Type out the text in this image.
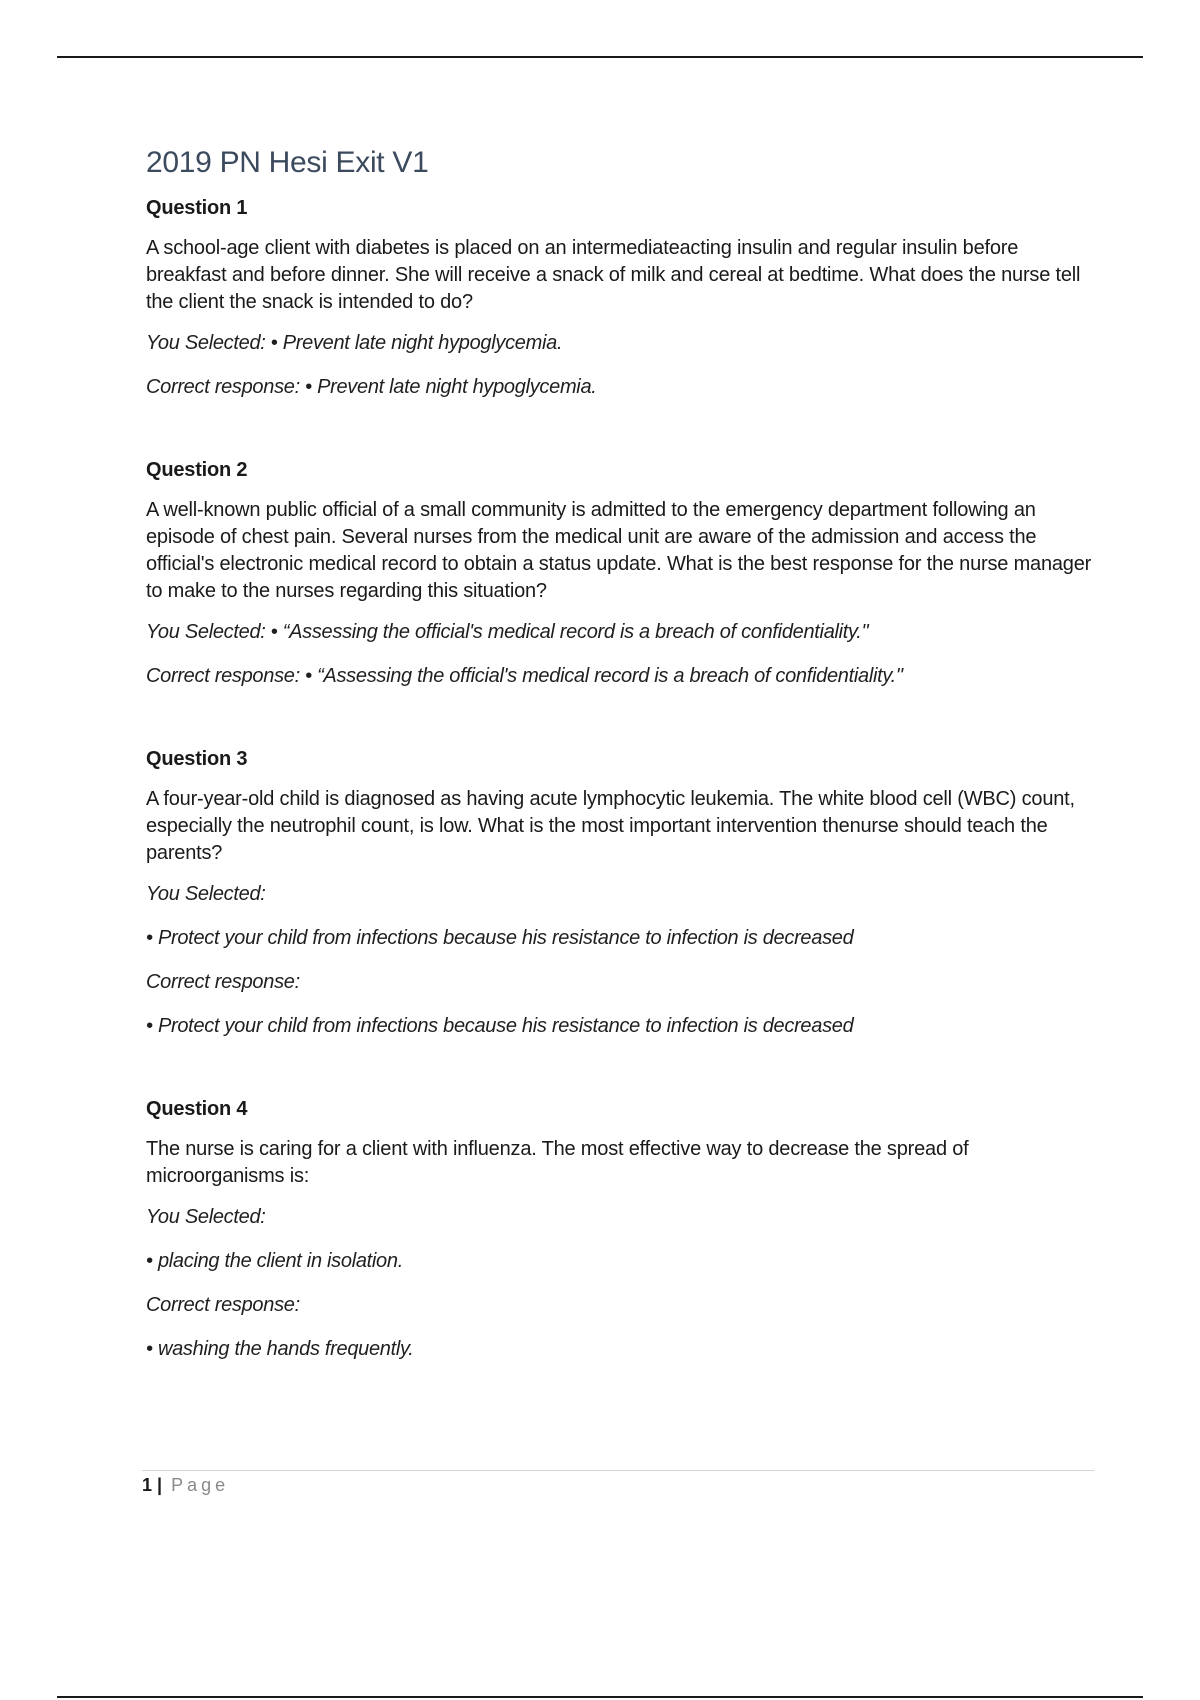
2019 PN Hesi Exit V1
Question 1
A school-age client with diabetes is placed on an intermediateacting insulin and regular insulin before breakfast and before dinner. She will receive a snack of milk and cereal at bedtime. What does the nurse tell the client the snack is intended to do?
You Selected: • Prevent late night hypoglycemia.
Correct response: • Prevent late night hypoglycemia.
Question 2
A well-known public official of a small community is admitted to the emergency department following an episode of chest pain. Several nurses from the medical unit are aware of the admission and access the official's electronic medical record to obtain a status update. What is the best response for the nurse manager to make to the nurses regarding this situation?
You Selected: • “Assessing the official's medical record is a breach of confidentiality."
Correct response: • “Assessing the official's medical record is a breach of confidentiality."
Question 3
A four-year-old child is diagnosed as having acute lymphocytic leukemia. The white blood cell (WBC) count, especially the neutrophil count, is low. What is the most important intervention thenurse should teach the parents?
You Selected:
• Protect your child from infections because his resistance to infection is decreased
Correct response:
• Protect your child from infections because his resistance to infection is decreased
Question 4
The nurse is caring for a client with influenza. The most effective way to decrease the spread of microorganisms is:
You Selected:
• placing the client in isolation.
Correct response:
• washing the hands frequently.
1 | Page
